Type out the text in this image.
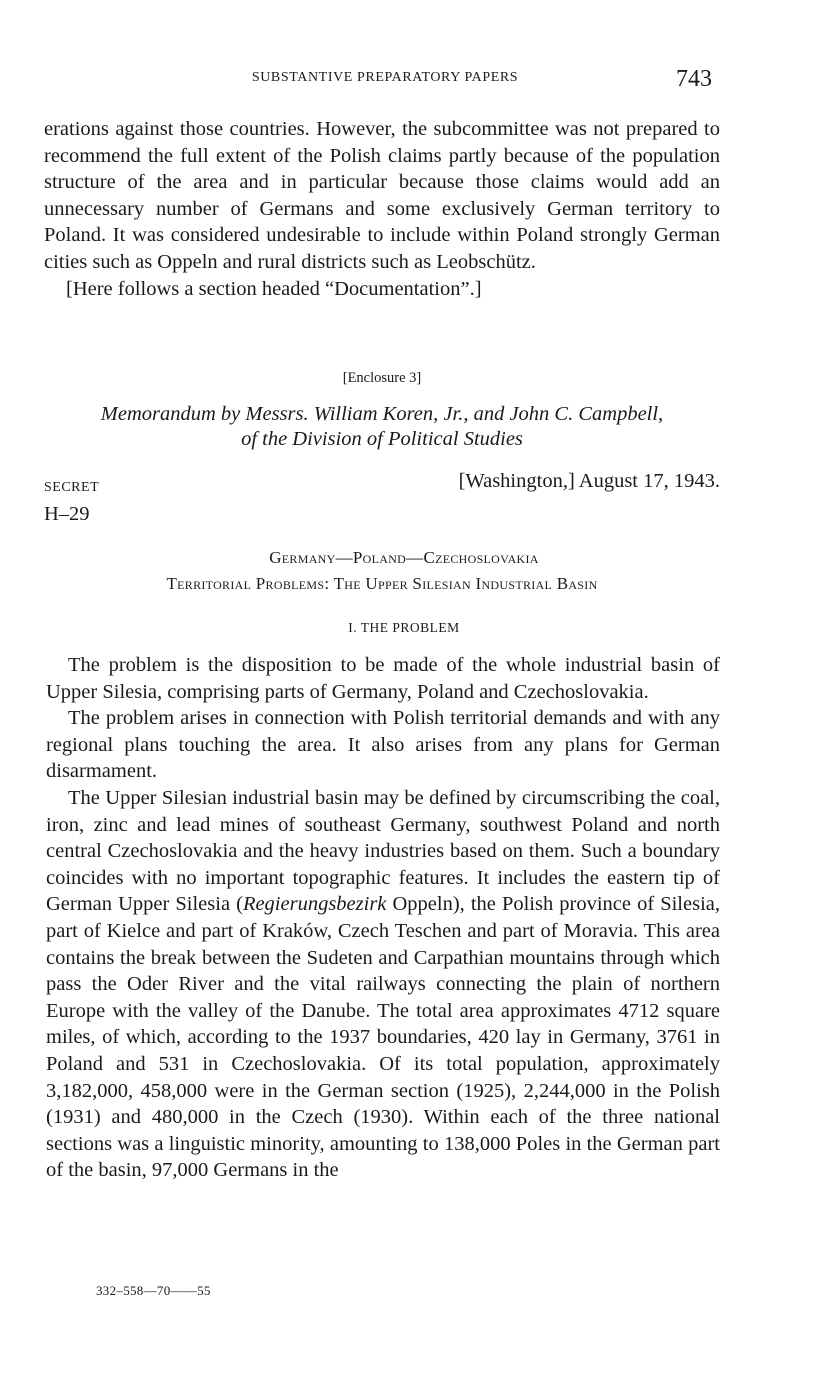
SUBSTANTIVE PREPARATORY PAPERS	743

erations against those countries. However, the subcommittee was not prepared to recommend the full extent of the Polish claims partly because of the population structure of the area and in particular because those claims would add an unnecessary number of Germans and some exclusively German territory to Poland. It was considered undesirable to include within Poland strongly German cities such as Oppeln and rural districts such as Leobschütz.

[Here follows a section headed “Documentation”.]

[Enclosure 3]
Memorandum by Messrs. William Koren, Jr., and John C. Campbell,
of the Division of Political Studies
SECRET	[Washington,] August 17, 1943.
H–29
Germany—Poland—Czechoslovakia
Territorial Problems: The Upper Silesian Industrial Basin
I. THE PROBLEM

The problem is the disposition to be made of the whole industrial basin of Upper Silesia, comprising parts of Germany, Poland and Czechoslovakia.

The problem arises in connection with Polish territorial demands and with any regional plans touching the area. It also arises from any plans for German disarmament.

The Upper Silesian industrial basin may be defined by circumscribing the coal, iron, zinc and lead mines of southeast Germany, southwest Poland and north central Czechoslovakia and the heavy industries based on them. Such a boundary coincides with no important topographic features. It includes the eastern tip of German Upper Silesia (Regierungsbezirk Oppeln), the Polish province of Silesia, part of Kielce and part of Kraków, Czech Teschen and part of Moravia. This area contains the break between the Sudeten and Carpathian mountains through which pass the Oder River and the vital railways connecting the plain of northern Europe with the valley of the Danube. The total area approximates 4712 square miles, of which, according to the 1937 boundaries, 420 lay in Germany, 3761 in Poland and 531 in Czechoslovakia. Of its total population, approximately 3,182,000, 458,000 were in the German section (1925), 2,244,000 in the Polish (1931) and 480,000 in the Czech (1930). Within each of the three national sections was a linguistic minority, amounting to 138,000 Poles in the German part of the basin, 97,000 Germans in the

332–558—70——55
